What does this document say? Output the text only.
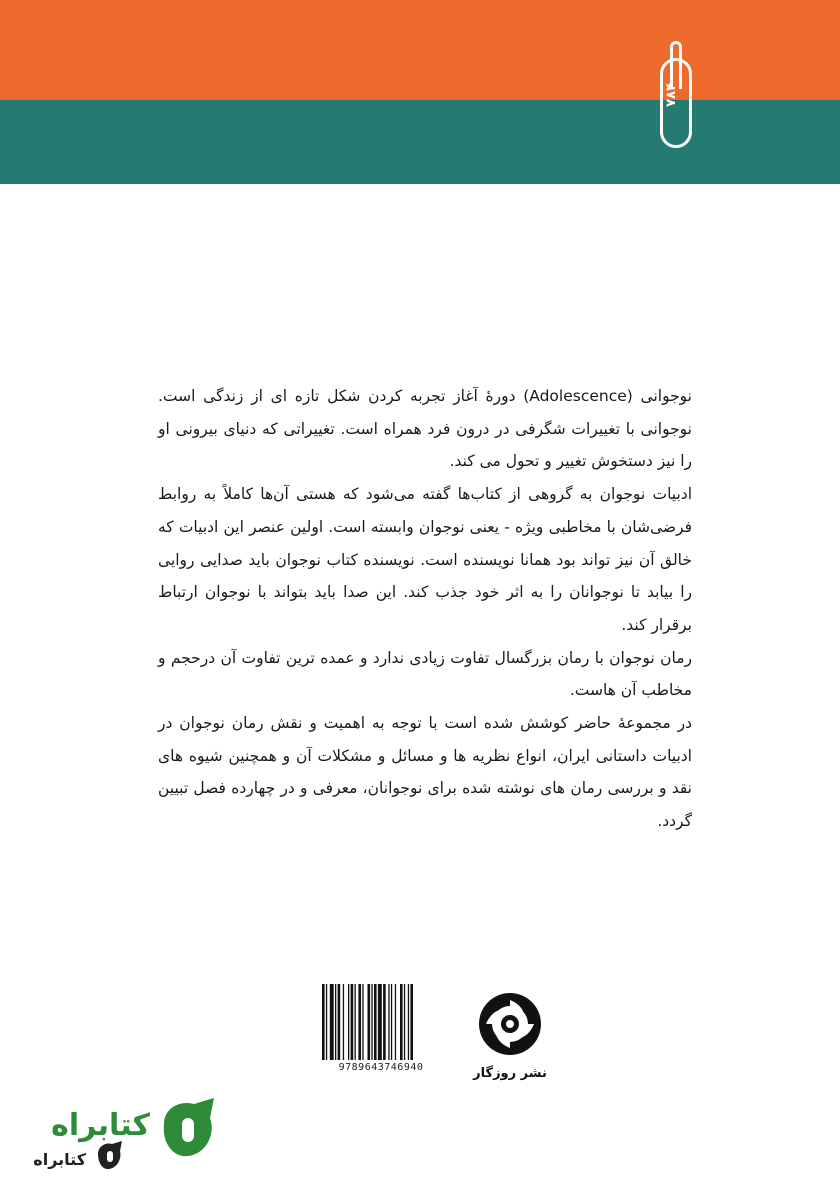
۷۸۴

نوجوانی (Adolescence) دورهٔ آغاز تجربه کردن شکل تازه ای از زندگی است. نوجوانی با تغییرات شگرفی در درون فرد همراه است. تغییراتی که دنیای بیرونی او را نیز دستخوش تغییر و تحول می کند.

ادبیات نوجوان به گروهی از کتاب‌ها گفته می‌شود که هستی آن‌ها کاملاً به روابط فرضی‌شان با مخاطبی ویژه - یعنی نوجوان وابسته است. اولین عنصر این ادبیات که خالق آن نیز تواند بود همانا نویسنده است. نویسنده کتاب نوجوان باید صدایی روایی را بیابد تا نوجوانان را به اثر خود جذب کند. این صدا باید بتواند با نوجوان ارتباط برقرار کند.

رمان نوجوان با رمان بزرگسال تفاوت زیادی ندارد و عمده ترین تفاوت آن درحجم و مخاطب آن هاست.

در مجموعهٔ حاضر کوشش شده است با توجه به اهمیت و نقش رمان نوجوان در ادبیات داستانی ایران، انواع نظریه ها و مسائل و مشکلات آن و همچنین شیوه های نقد و بررسی رمان های نوشته شده برای نوجوانان، معرفی و در چهارده فصل تبیین گردد.

9789643746940	نشر روزگار
کتابراه
کتابراه
